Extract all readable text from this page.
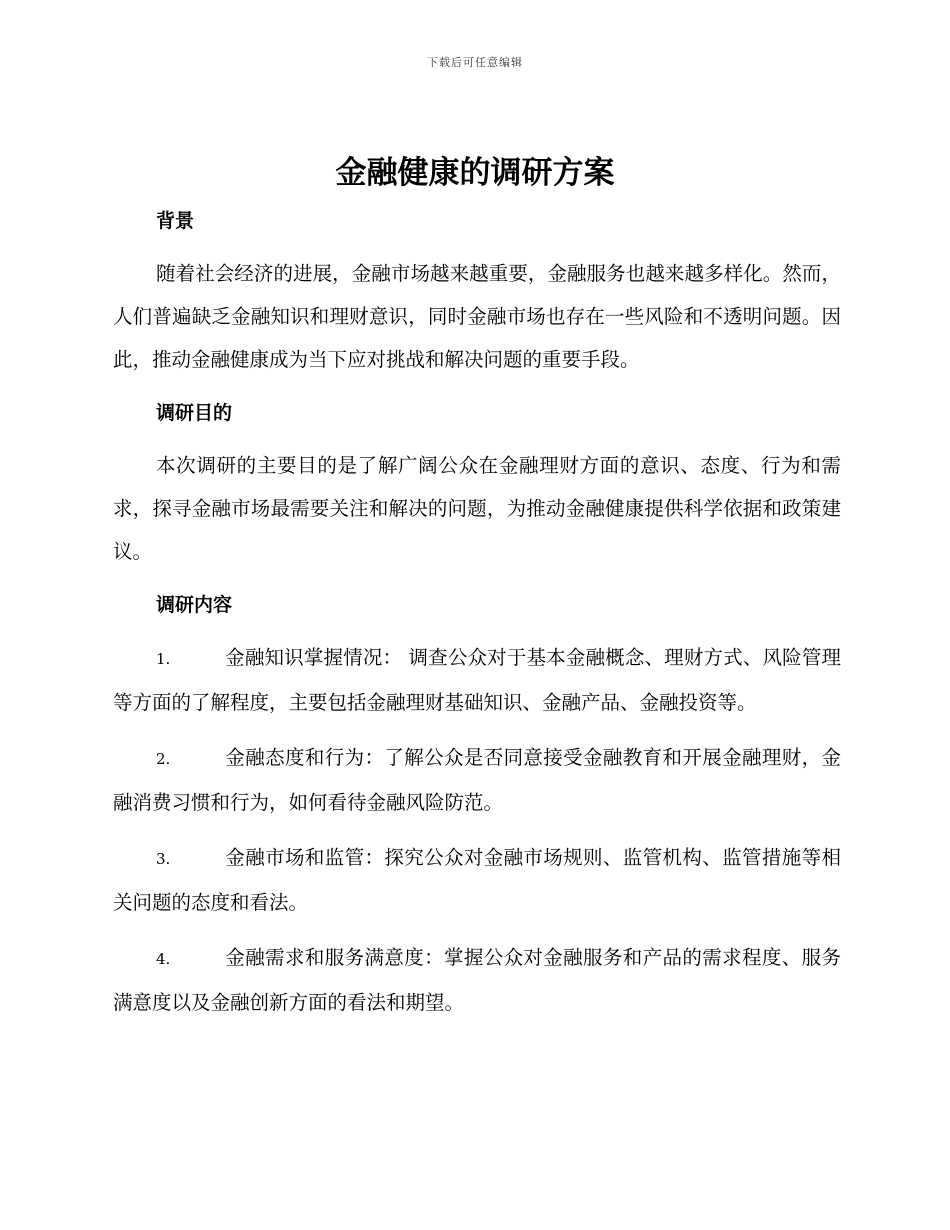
下载后可任意编辑
金融健康的调研方案
背景

随着社会经济的进展，金融市场越来越重要，金融服务也越来越多样化。然而，人们普遍缺乏金融知识和理财意识，同时金融市场也存在一些风险和不透明问题。因此，推动金融健康成为当下应对挑战和解决问题的重要手段。

调研目的

本次调研的主要目的是了解广阔公众在金融理财方面的意识、态度、行为和需求，探寻金融市场最需要关注和解决的问题，为推动金融健康提供科学依据和政策建议。

调研内容

1.	金融知识掌握情况： 调查公众对于基本金融概念、理财方式、风险管理等方面的了解程度，主要包括金融理财基础知识、金融产品、金融投资等。

2.	金融态度和行为：了解公众是否同意接受金融教育和开展金融理财，金融消费习惯和行为，如何看待金融风险防范。

3.	金融市场和监管：探究公众对金融市场规则、监管机构、监管措施等相关问题的态度和看法。

4.	金融需求和服务满意度：掌握公众对金融服务和产品的需求程度、服务满意度以及金融创新方面的看法和期望。
